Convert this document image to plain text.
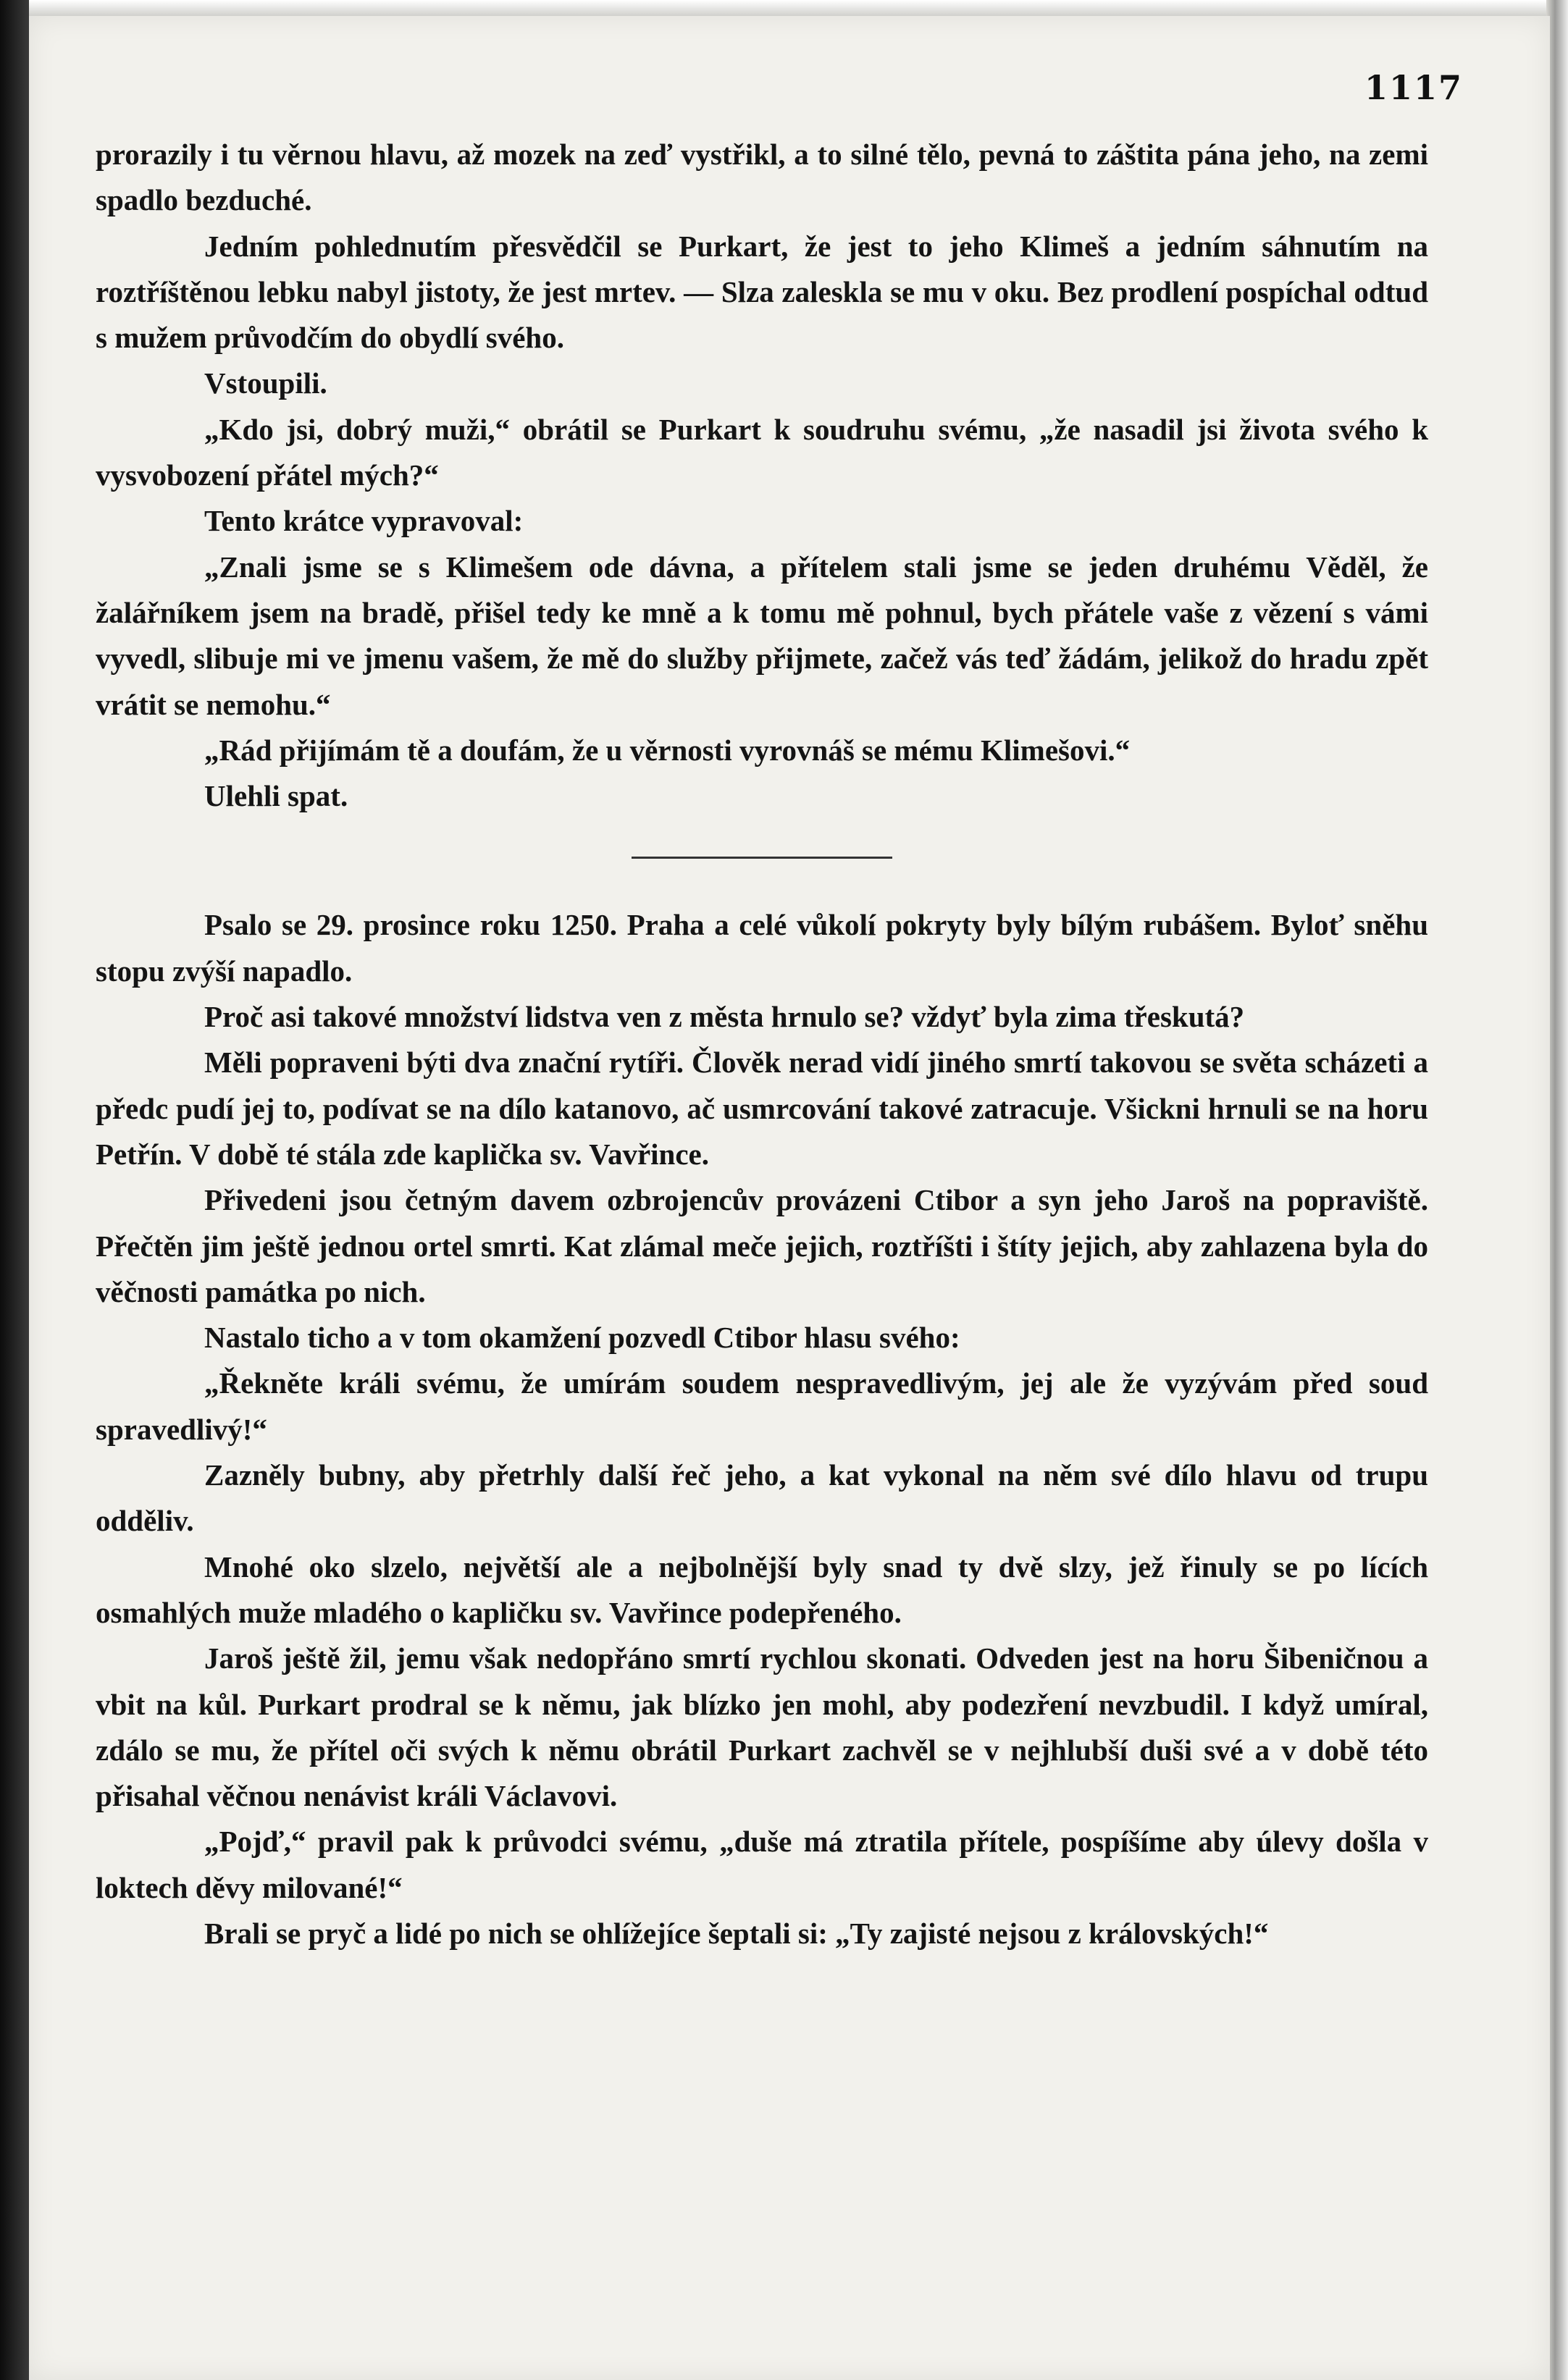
1117

prorazily i tu věrnou hlavu, až mozek na zeď vystřikl, a to silné tělo, pevná to záštita pána jeho, na zemi spadlo bezduché.

Jedním pohlednutím přesvědčil se Purkart, že jest to jeho Klimeš a jedním sáhnutím na roztříštěnou lebku nabyl jistoty, že jest mrtev. — Slza zaleskla se mu v oku. Bez prodlení pospíchal odtud s mužem průvodčím do obydlí svého.

Vstoupili.

„Kdo jsi, dobrý muži,“ obrátil se Purkart k soudruhu svému, „že nasadil jsi života svého k vysvobození přátel mých?“

Tento krátce vypravoval:

„Znali jsme se s Klimešem ode dávna, a přítelem stali jsme se jeden druhému Věděl, že žalářníkem jsem na bradě, přišel tedy ke mně a k tomu mě pohnul, bych přátele vaše z vězení s vámi vyvedl, slibuje mi ve jmenu vašem, že mě do služby přijmete, začež vás teď žádám, jelikož do hradu zpět vrátit se nemohu.“

„Rád přijímám tě a doufám, že u věrnosti vyrovnáš se mému Klimešovi.“

Ulehli spat.

Psalo se 29. prosince roku 1250. Praha a celé vůkolí pokryty byly bílým rubášem. Byloť sněhu stopu zvýší napadlo.

Proč asi takové množství lidstva ven z města hrnulo se? vždyť byla zima třeskutá?

Měli popraveni býti dva znační rytíři. Člověk nerad vidí jiného smrtí takovou se světa scházeti a předc pudí jej to, podívat se na dílo katanovo, ač usmrcování takové zatracuje. Všickni hrnuli se na horu Petřín. V době té stála zde kaplička sv. Vavřince.

Přivedeni jsou četným davem ozbrojencův provázeni Ctibor a syn jeho Jaroš na popraviště. Přečtěn jim ještě jednou ortel smrti. Kat zlámal meče jejich, roztříšti i štíty jejich, aby zahlazena byla do věčnosti památka po nich.

Nastalo ticho a v tom okamžení pozvedl Ctibor hlasu svého:

„Řekněte králi svému, že umírám soudem nespravedlivým, jej ale že vyzývám před soud spravedlivý!“

Zazněly bubny, aby přetrhly další řeč jeho, a kat vykonal na něm své dílo hlavu od trupu odděliv.

Mnohé oko slzelo, největší ale a nejbolnější byly snad ty dvě slzy, jež řinuly se po lících osmahlých muže mladého o kapličku sv. Vavřince podepřeného.

Jaroš ještě žil, jemu však nedopřáno smrtí rychlou skonati. Odveden jest na horu Šibeničnou a vbit na kůl. Purkart prodral se k němu, jak blízko jen mohl, aby podezření nevzbudil. I když umíral, zdálo se mu, že přítel oči svých k němu obrátil Purkart zachvěl se v nejhlubší duši své a v době této přisahal věčnou nenávist králi Václavovi.

„Pojď,“ pravil pak k průvodci svému, „duše má ztratila přítele, pospíšíme aby úlevy došla v loktech děvy milované!“

Brali se pryč a lidé po nich se ohlížejíce šeptali si: „Ty zajisté nejsou z královských!“
